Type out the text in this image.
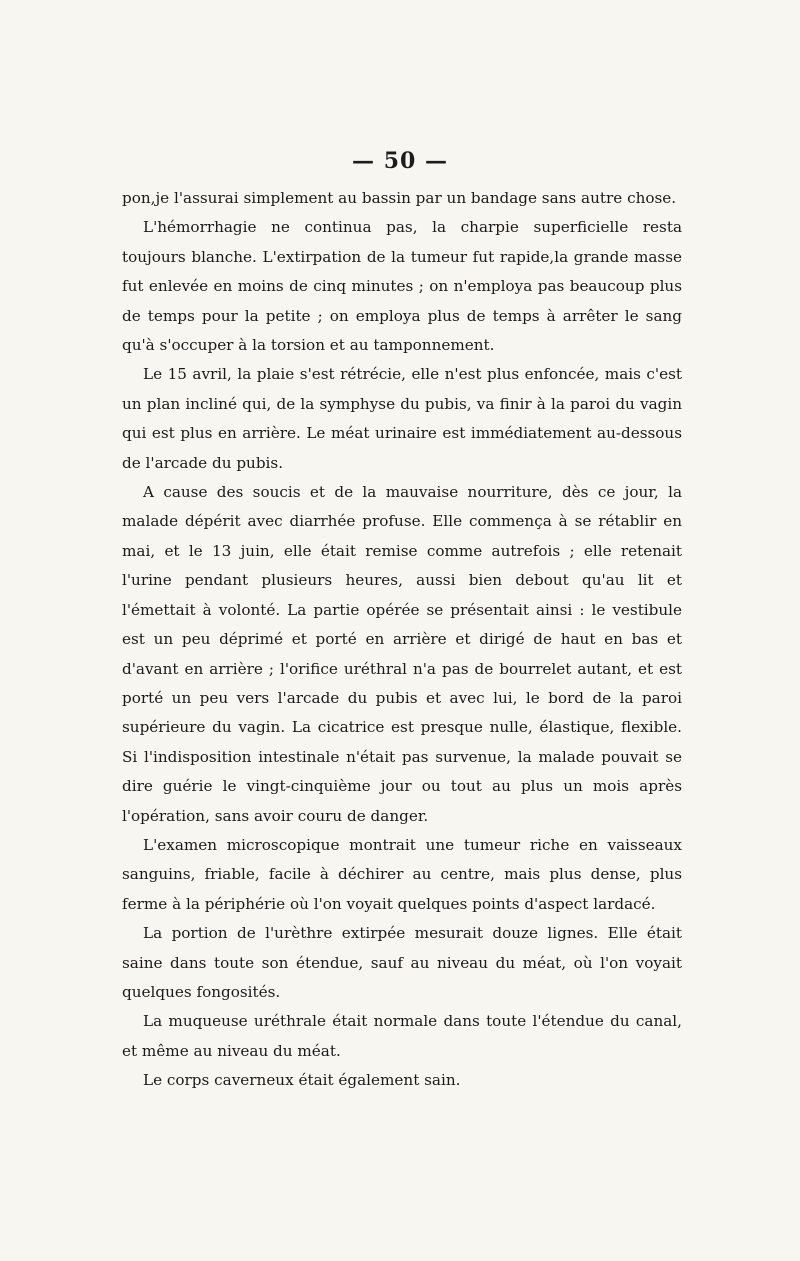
— 50 —

pon,je l'assurai simplement au bassin par un bandage sans autre chose.

L'hémorrhagie ne continua pas, la charpie superficielle resta toujours blanche. L'extirpation de la tumeur fut rapide,la grande masse fut enlevée en moins de cinq minutes ; on n'employa pas beaucoup plus de temps pour la petite ; on employa plus de temps à arrêter le sang qu'à s'occuper à la torsion et au tamponnement.

Le 15 avril, la plaie s'est rétrécie, elle n'est plus enfoncée, mais c'est un plan incliné qui, de la symphyse du pubis, va finir à la paroi du vagin qui est plus en arrière. Le méat urinaire est immédiatement au-dessous de l'arcade du pubis.

A cause des soucis et de la mauvaise nourriture, dès ce jour, la malade dépérit avec diarrhée profuse. Elle commença à se rétablir en mai, et le 13 juin, elle était remise comme autrefois ; elle retenait l'urine pendant plusieurs heures, aussi bien debout qu'au lit et l'émettait à volonté. La partie opérée se présentait ainsi : le vestibule est un peu déprimé et porté en arrière et dirigé de haut en bas et d'avant en arrière ; l'orifice uréthral n'a pas de bourrelet autant, et est porté un peu vers l'arcade du pubis et avec lui, le bord de la paroi supérieure du vagin. La cicatrice est presque nulle, élastique, flexible. Si l'indisposition intestinale n'était pas survenue, la malade pouvait se dire guérie le vingt-cinquième jour ou tout au plus un mois après l'opération, sans avoir couru de danger.

L'examen microscopique montrait une tumeur riche en vaisseaux sanguins, friable, facile à déchirer au centre, mais plus dense, plus ferme à la périphérie où l'on voyait quelques points d'aspect lardacé.

La portion de l'urèthre extirpée mesurait douze lignes. Elle était saine dans toute son étendue, sauf au niveau du méat, où l'on voyait quelques fongosités.

La muqueuse uréthrale était normale dans toute l'étendue du canal, et même au niveau du méat.

Le corps caverneux était également sain.
